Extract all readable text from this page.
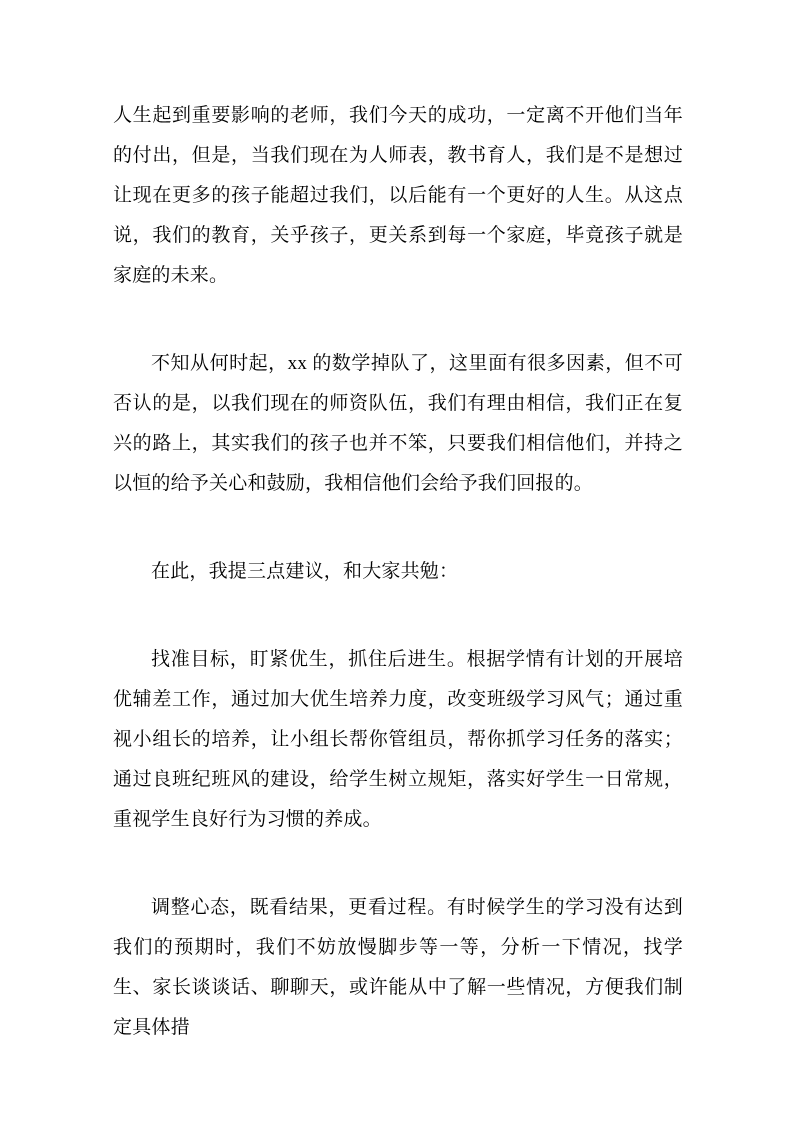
人生起到重要影响的老师，我们今天的成功，一定离不开他们当年的付出，但是，当我们现在为人师表，教书育人，我们是不是想过让现在更多的孩子能超过我们，以后能有一个更好的人生。从这点说，我们的教育，关乎孩子，更关系到每一个家庭，毕竟孩子就是家庭的未来。

不知从何时起，xx 的数学掉队了，这里面有很多因素，但不可否认的是，以我们现在的师资队伍，我们有理由相信，我们正在复兴的路上，其实我们的孩子也并不笨，只要我们相信他们，并持之以恒的给予关心和鼓励，我相信他们会给予我们回报的。

在此，我提三点建议，和大家共勉：

找准目标，盯紧优生，抓住后进生。根据学情有计划的开展培优辅差工作，通过加大优生培养力度，改变班级学习风气；通过重视小组长的培养，让小组长帮你管组员，帮你抓学习任务的落实；通过良班纪班风的建设，给学生树立规矩，落实好学生一日常规，重视学生良好行为习惯的养成。

调整心态，既看结果，更看过程。有时候学生的学习没有达到我们的预期时，我们不妨放慢脚步等一等，分析一下情况，找学生、家长谈谈话、聊聊天，或许能从中了解一些情况，方便我们制定具体措
